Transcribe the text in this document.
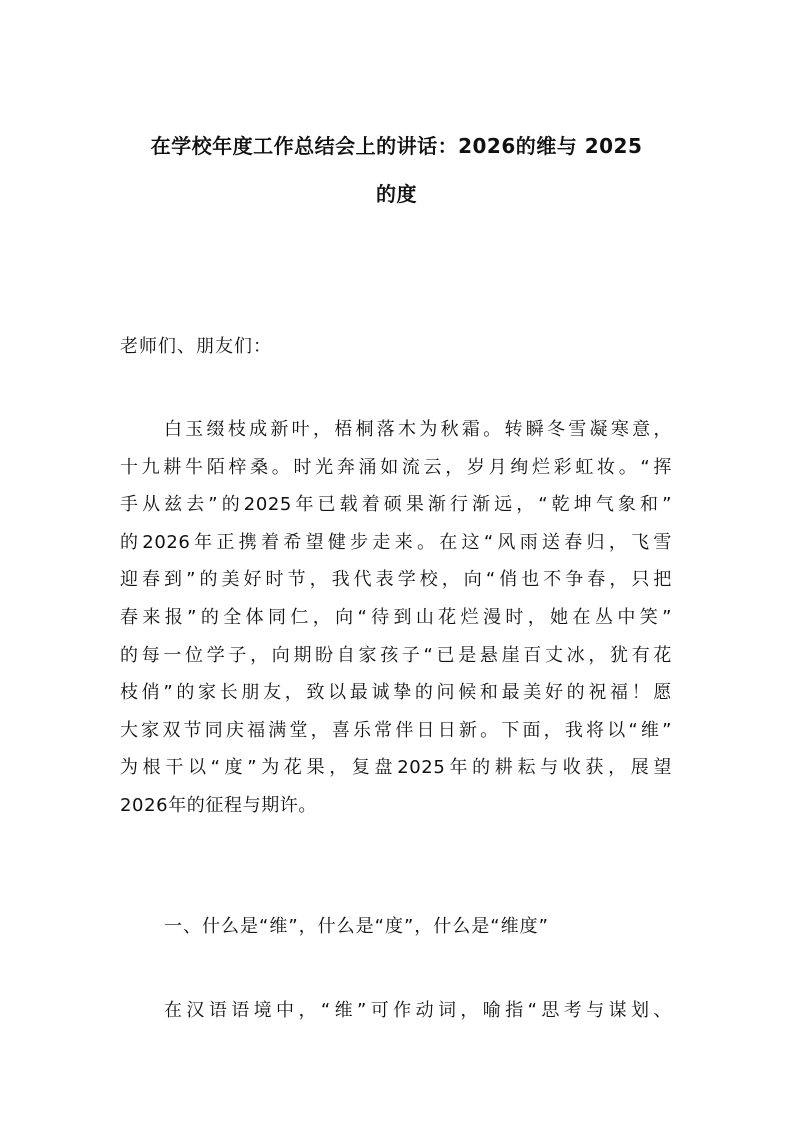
在学校年度工作总结会上的讲话：2026的维与 2025
的度

老师们、朋友们：

白玉缀枝成新叶，梧桐落木为秋霜。转瞬冬雪凝寒意，
十九耕牛陌梓桑。时光奔涌如流云，岁月绚烂彩虹妆。“挥
手从兹去”的2025年已载着硕果渐行渐远，“乾坤气象和”
的2026年正携着希望健步走来。在这“风雨送春归，飞雪
迎春到”的美好时节，我代表学校，向“俏也不争春，只把
春来报”的全体同仁，向“待到山花烂漫时，她在丛中笑”
的每一位学子，向期盼自家孩子“已是悬崖百丈冰，犹有花
枝俏”的家长朋友，致以最诚挚的问候和最美好的祝福！愿
大家双节同庆福满堂，喜乐常伴日日新。下面，我将以“维”
为根干以“度”为花果，复盘2025年的耕耘与收获，展望
2026年的征程与期许。

一、什么是“维”，什么是“度”，什么是“维度”

在汉语语境中，“维”可作动词，喻指“思考与谋划、
